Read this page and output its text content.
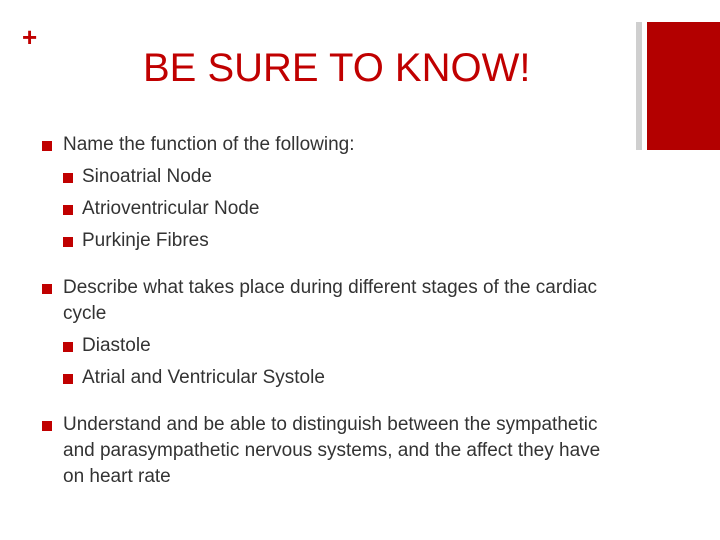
+
BE SURE TO KNOW!
Name the function of the following:
Sinoatrial Node
Atrioventricular Node
Purkinje Fibres
Describe what takes place during different stages of the cardiac cycle
Diastole
Atrial and Ventricular Systole
Understand and be able to distinguish between the sympathetic and parasympathetic nervous systems, and the affect they have on heart rate
